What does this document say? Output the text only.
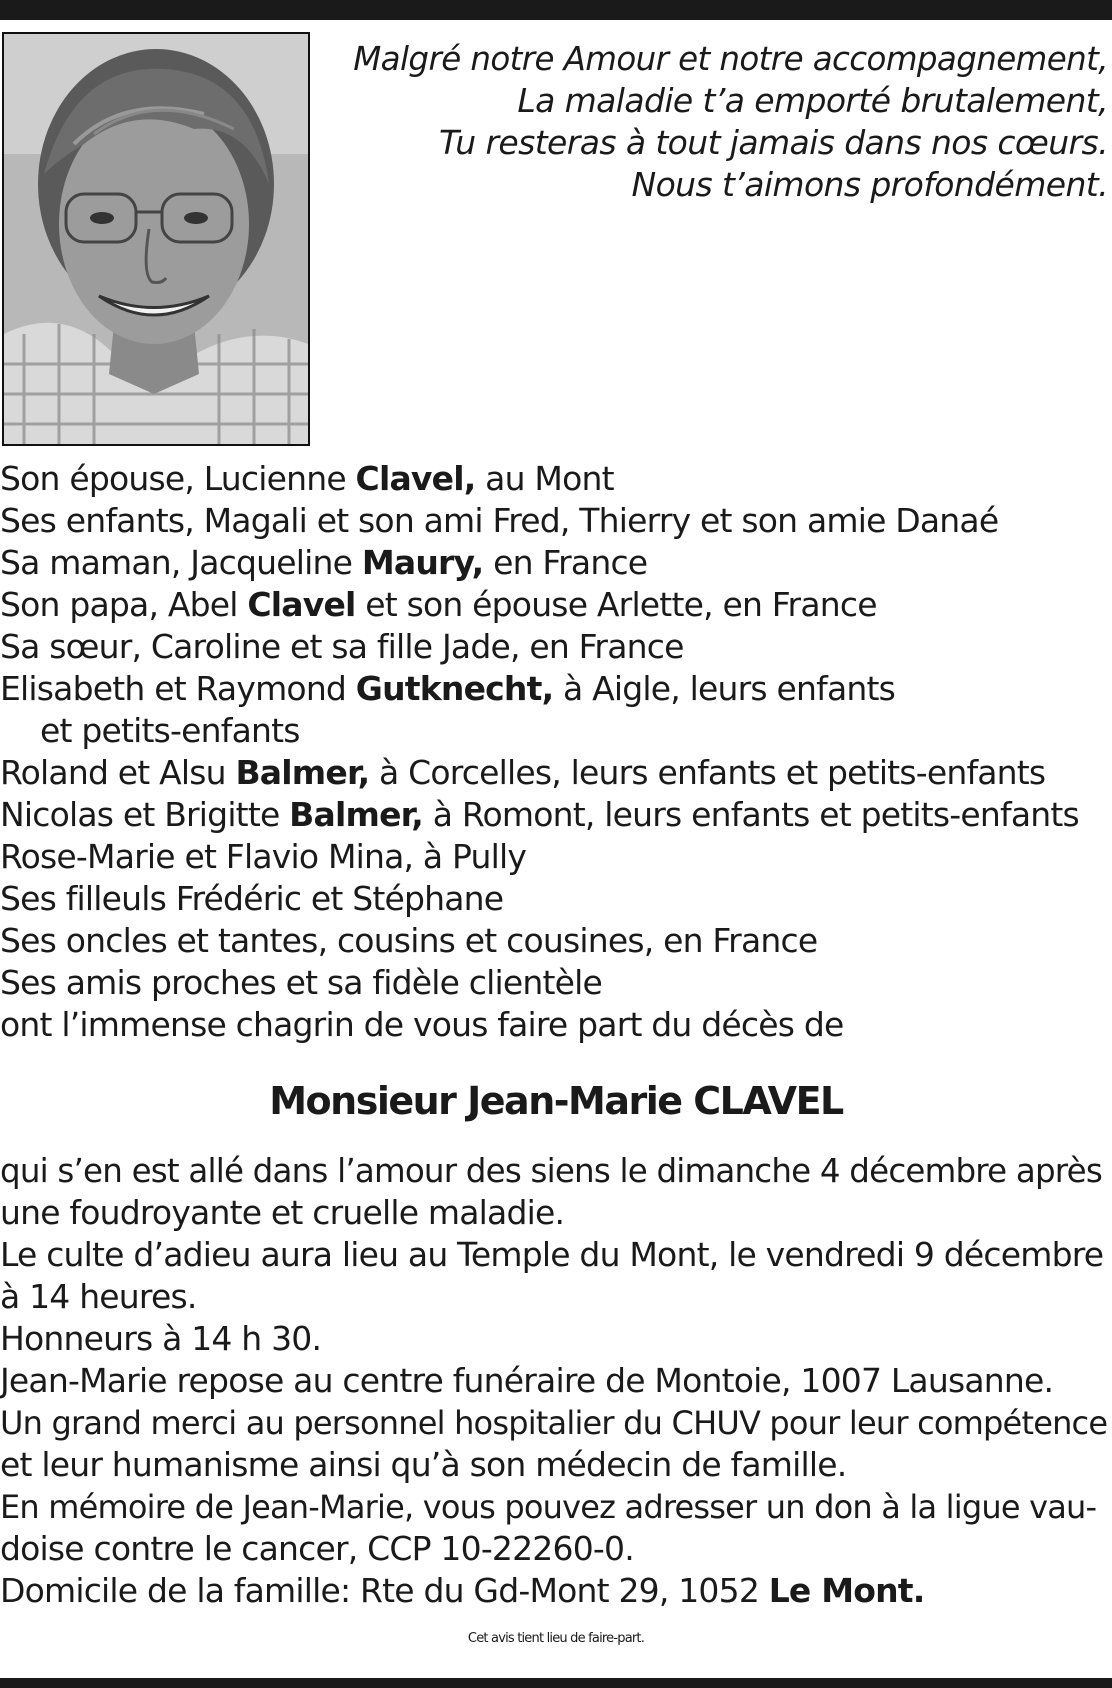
Malgré notre Amour et notre accompagnement,
La maladie t’a emporté brutalement,
Tu resteras à tout jamais dans nos cœurs.
Nous t’aimons profondément.
Son épouse, Lucienne Clavel, au Mont
Ses enfants, Magali et son ami Fred, Thierry et son amie Danaé
Sa maman, Jacqueline Maury, en France
Son papa, Abel Clavel et son épouse Arlette, en France
Sa sœur, Caroline et sa fille Jade, en France
Elisabeth et Raymond Gutknecht, à Aigle, leurs enfants
et petits-enfants
Roland et Alsu Balmer, à Corcelles, leurs enfants et petits-enfants
Nicolas et Brigitte Balmer, à Romont, leurs enfants et petits-enfants
Rose-Marie et Flavio Mina, à Pully
Ses filleuls Frédéric et Stéphane
Ses oncles et tantes, cousins et cousines, en France
Ses amis proches et sa fidèle clientèle
ont l’immense chagrin de vous faire part du décès de
Monsieur Jean-Marie CLAVEL
qui s’en est allé dans l’amour des siens le dimanche 4 décembre après
une foudroyante et cruelle maladie.
Le culte d’adieu aura lieu au Temple du Mont, le vendredi 9 décembre
à 14 heures.
Honneurs à 14 h 30.
Jean-Marie repose au centre funéraire de Montoie, 1007 Lausanne.
Un grand merci au personnel hospitalier du CHUV pour leur compétence
et leur humanisme ainsi qu’à son médecin de famille.
En mémoire de Jean-Marie, vous pouvez adresser un don à la ligue vau-
doise contre le cancer, CCP 10-22260-0.
Domicile de la famille: Rte du Gd-Mont 29, 1052 Le Mont.
Cet avis tient lieu de faire-part.
